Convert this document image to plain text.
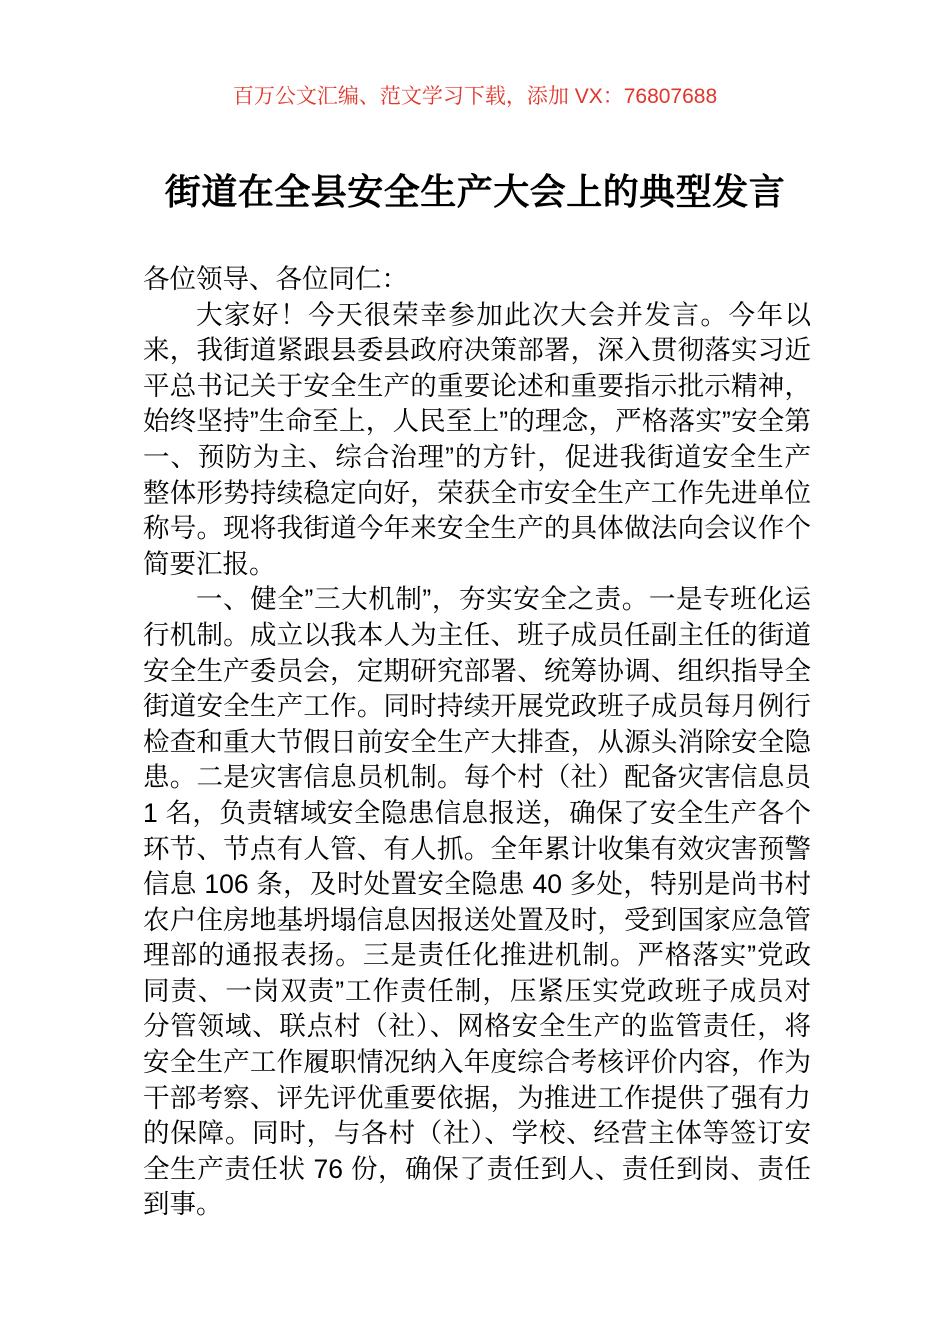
百万公文汇编、范文学习下载，添加 VX：76807688
街道在全县安全生产大会上的典型发言

各位领导、各位同仁：

大家好！今天很荣幸参加此次大会并发言。今年以来，我街道紧跟县委县政府决策部署，深入贯彻落实习近平总书记关于安全生产的重要论述和重要指示批示精神，始终坚持”生命至上，人民至上”的理念，严格落实”安全第一、预防为主、综合治理”的方针，促进我街道安全生产整体形势持续稳定向好，荣获全市安全生产工作先进单位称号。现将我街道今年来安全生产的具体做法向会议作个简要汇报。

一、健全”三大机制”，夯实安全之责。一是专班化运行机制。成立以我本人为主任、班子成员任副主任的街道安全生产委员会，定期研究部署、统筹协调、组织指导全街道安全生产工作。同时持续开展党政班子成员每月例行检查和重大节假日前安全生产大排查，从源头消除安全隐患。二是灾害信息员机制。每个村（社）配备灾害信息员 1 名，负责辖域安全隐患信息报送，确保了安全生产各个环节、节点有人管、有人抓。全年累计收集有效灾害预警信息 106 条，及时处置安全隐患 40 多处，特别是尚书村农户住房地基坍塌信息因报送处置及时，受到国家应急管理部的通报表扬。三是责任化推进机制。严格落实”党政同责、一岗双责”工作责任制，压紧压实党政班子成员对分管领域、联点村（社）、网格安全生产的监管责任，将安全生产工作履职情况纳入年度综合考核评价内容，作为干部考察、评先评优重要依据，为推进工作提供了强有力的保障。同时，与各村（社）、学校、经营主体等签订安全生产责任状 76 份，确保了责任到人、责任到岗、责任到事。
